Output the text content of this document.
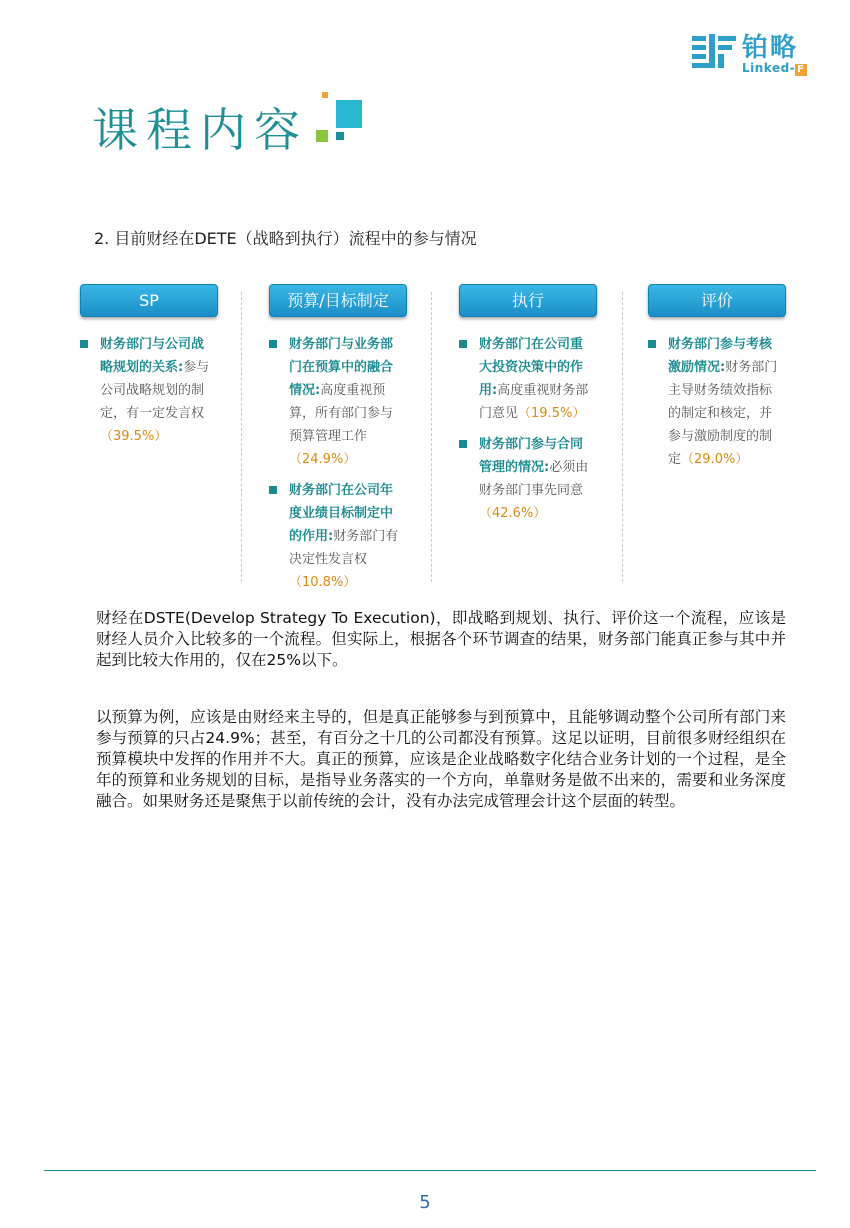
铂略
Linked- F
课程内容
2. 目前财经在DETE（战略到执行）流程中的参与情况
SP
财务部门与公司战略规划的关系:参与公司战略规划的制定，有一定发言权（39.5%）
预算/目标制定
财务部门与业务部门在预算中的融合情况:高度重视预算，所有部门参与预算管理工作（24.9%）
财务部门在公司年度业绩目标制定中的作用:财务部门有决定性发言权（10.8%）
执行
财务部门在公司重大投资决策中的作用:高度重视财务部门意见（19.5%）
财务部门参与合同管理的情况:必须由财务部门事先同意（42.6%）
评价
财务部门参与考核激励情况:财务部门主导财务绩效指标的制定和核定，并参与激励制度的制定（29.0%）

财经在DSTE(Develop Strategy To Execution)，即战略到规划、执行、评价这一个流程，应该是财经人员介入比较多的一个流程。但实际上，根据各个环节调查的结果，财务部门能真正参与其中并起到比较大作用的，仅在25%以下。

以预算为例，应该是由财经来主导的，但是真正能够参与到预算中，且能够调动整个公司所有部门来参与预算的只占24.9%；甚至，有百分之十几的公司都没有预算。这足以证明，目前很多财经组织在预算模块中发挥的作用并不大。真正的预算，应该是企业战略数字化结合业务计划的一个过程，是全年的预算和业务规划的目标，是指导业务落实的一个方向，单靠财务是做不出来的，需要和业务深度融合。如果财务还是聚焦于以前传统的会计，没有办法完成管理会计这个层面的转型。

5
